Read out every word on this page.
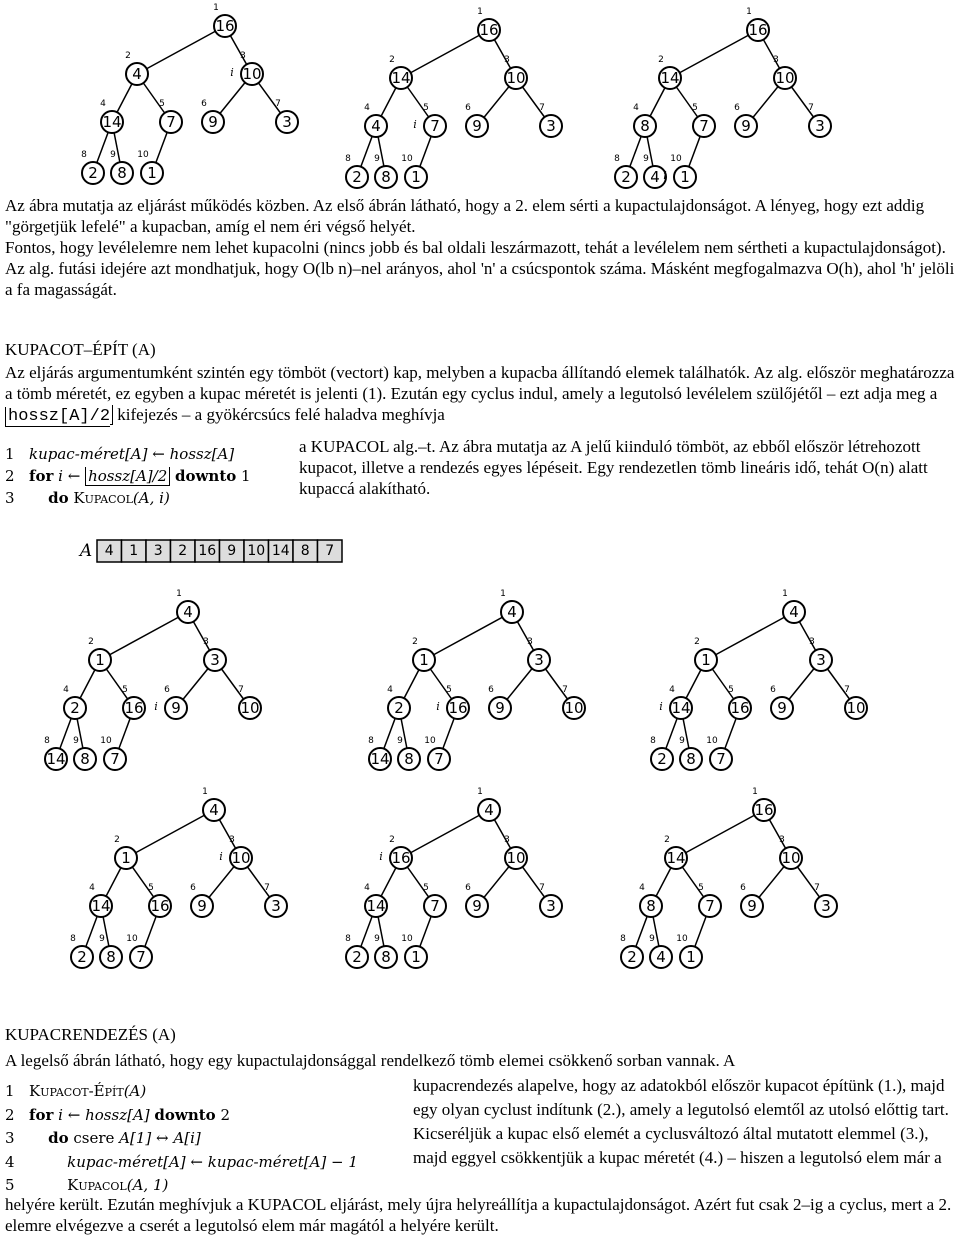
16
1
4
2
10
3
i
14
4
7
5
9
6
3
7
2
8
8
9
1
10
16
1
14
2
10
3
4
4
7
5
i	9
6
3
7
2
8
8
9
1
10
16
1
14
2
10
3
8
4
7
5
9
6
3
7
2
8
4
9
1
10
i
A 4 1 3 2 16 9 10 14 8 7
4
1
1
2
3
3
2
4
16
5
9
6
i	10
7
14
8
8
9
7
10
4
1
1
2
3
3
2
4
16
5
i	9
6
10
7
14
8
8
9
7
10
4
1
1
2
3
3
14
4
i	16
5
9
6
10
7
2
8
8
9
7
10
4
1
1
2
10
3
i
14
4
16
5
9
6
3
7
2
8
8
9
7
10
4
1
16
2
i	10
3
14
4
7
5
9
6
3
7
2
8
8
9
1
10
16
1
14
2
10
3
8
4
7
5
9
6
3
7
2
8
4
9
1
10

Az ábra mutatja az eljárást működés közben. Az első ábrán látható, hogy a 2. elem sérti a kupactulajdonságot. A lényeg, hogy ezt addig "görgetjük lefelé" a kupacban, amíg el nem éri végső helyét.

Fontos, hogy levélelemre nem lehet kupacolni (nincs jobb és bal oldali leszármazott, tehát a levélelem nem sértheti a kupactulajdonságot). Az alg. futási idejére azt mondhatjuk, hogy O(lb n)–nel arányos, ahol 'n' a csúcspontok száma. Másként megfogalmazva O(h), ahol 'h' jelöli a fa magasságát.

KUPACOT–ÉPÍT (A)

Az eljárás argumentumként szintén egy tömböt (vectort) kap, melyben a kupacba állítandó elemek találhatók. Az alg. először meghatározza a tömb méretét, ez egyben a kupac méretét is jelenti (1). Ezután egy cyclus indul, amely a legutolsó levélelem szülőjétől – ezt adja meg a hossz[A]/2 kifejezés – a gyökércsúcs felé haladva meghívja

a KUPACOL alg.–t. Az ábra mutatja az A jelű kiinduló tömböt, az ebből először létrehozott kupacot, illetve a rendezés egyes lépéseit. Egy rendezetlen tömb lineáris idő, tehát O(n) alatt kupaccá alakítható.

1 kupac-méret[A] ← hossz[A]
2 for i ← hossz[A]/2 downto 1
3 do Kupacol(A, i)
KUPACRENDEZÉS (A)

A legelső ábrán látható, hogy egy kupactulajdonsággal rendelkező tömb elemei csökkenő sorban vannak. A

kupacrendezés alapelve, hogy az adatokból először kupacot építünk (1.), majd egy olyan cyclust indítunk (2.), amely a legutolsó elemtől az utolsó előttig tart. Kicseréljük a kupac első elemét a cyclusváltozó által mutatott elemmel (3.), majd eggyel csökkentjük a kupac méretét (4.) – hiszen a legutolsó elem már a

helyére került. Ezután meghívjuk a KUPACOL eljárást, mely újra helyreállítja a kupactulajdonságot. Azért fut csak 2–ig a cyclus, mert a 2. elemre elvégezve a cserét a legutolsó elem már magától a helyére került.

1 Kupacot-Épít(A)
2 for i ← hossz[A] downto 2
3 do csere A[1] ↔ A[i]
4	kupac-méret[A] ← kupac-méret[A] − 1
5	Kupacol(A, 1)
